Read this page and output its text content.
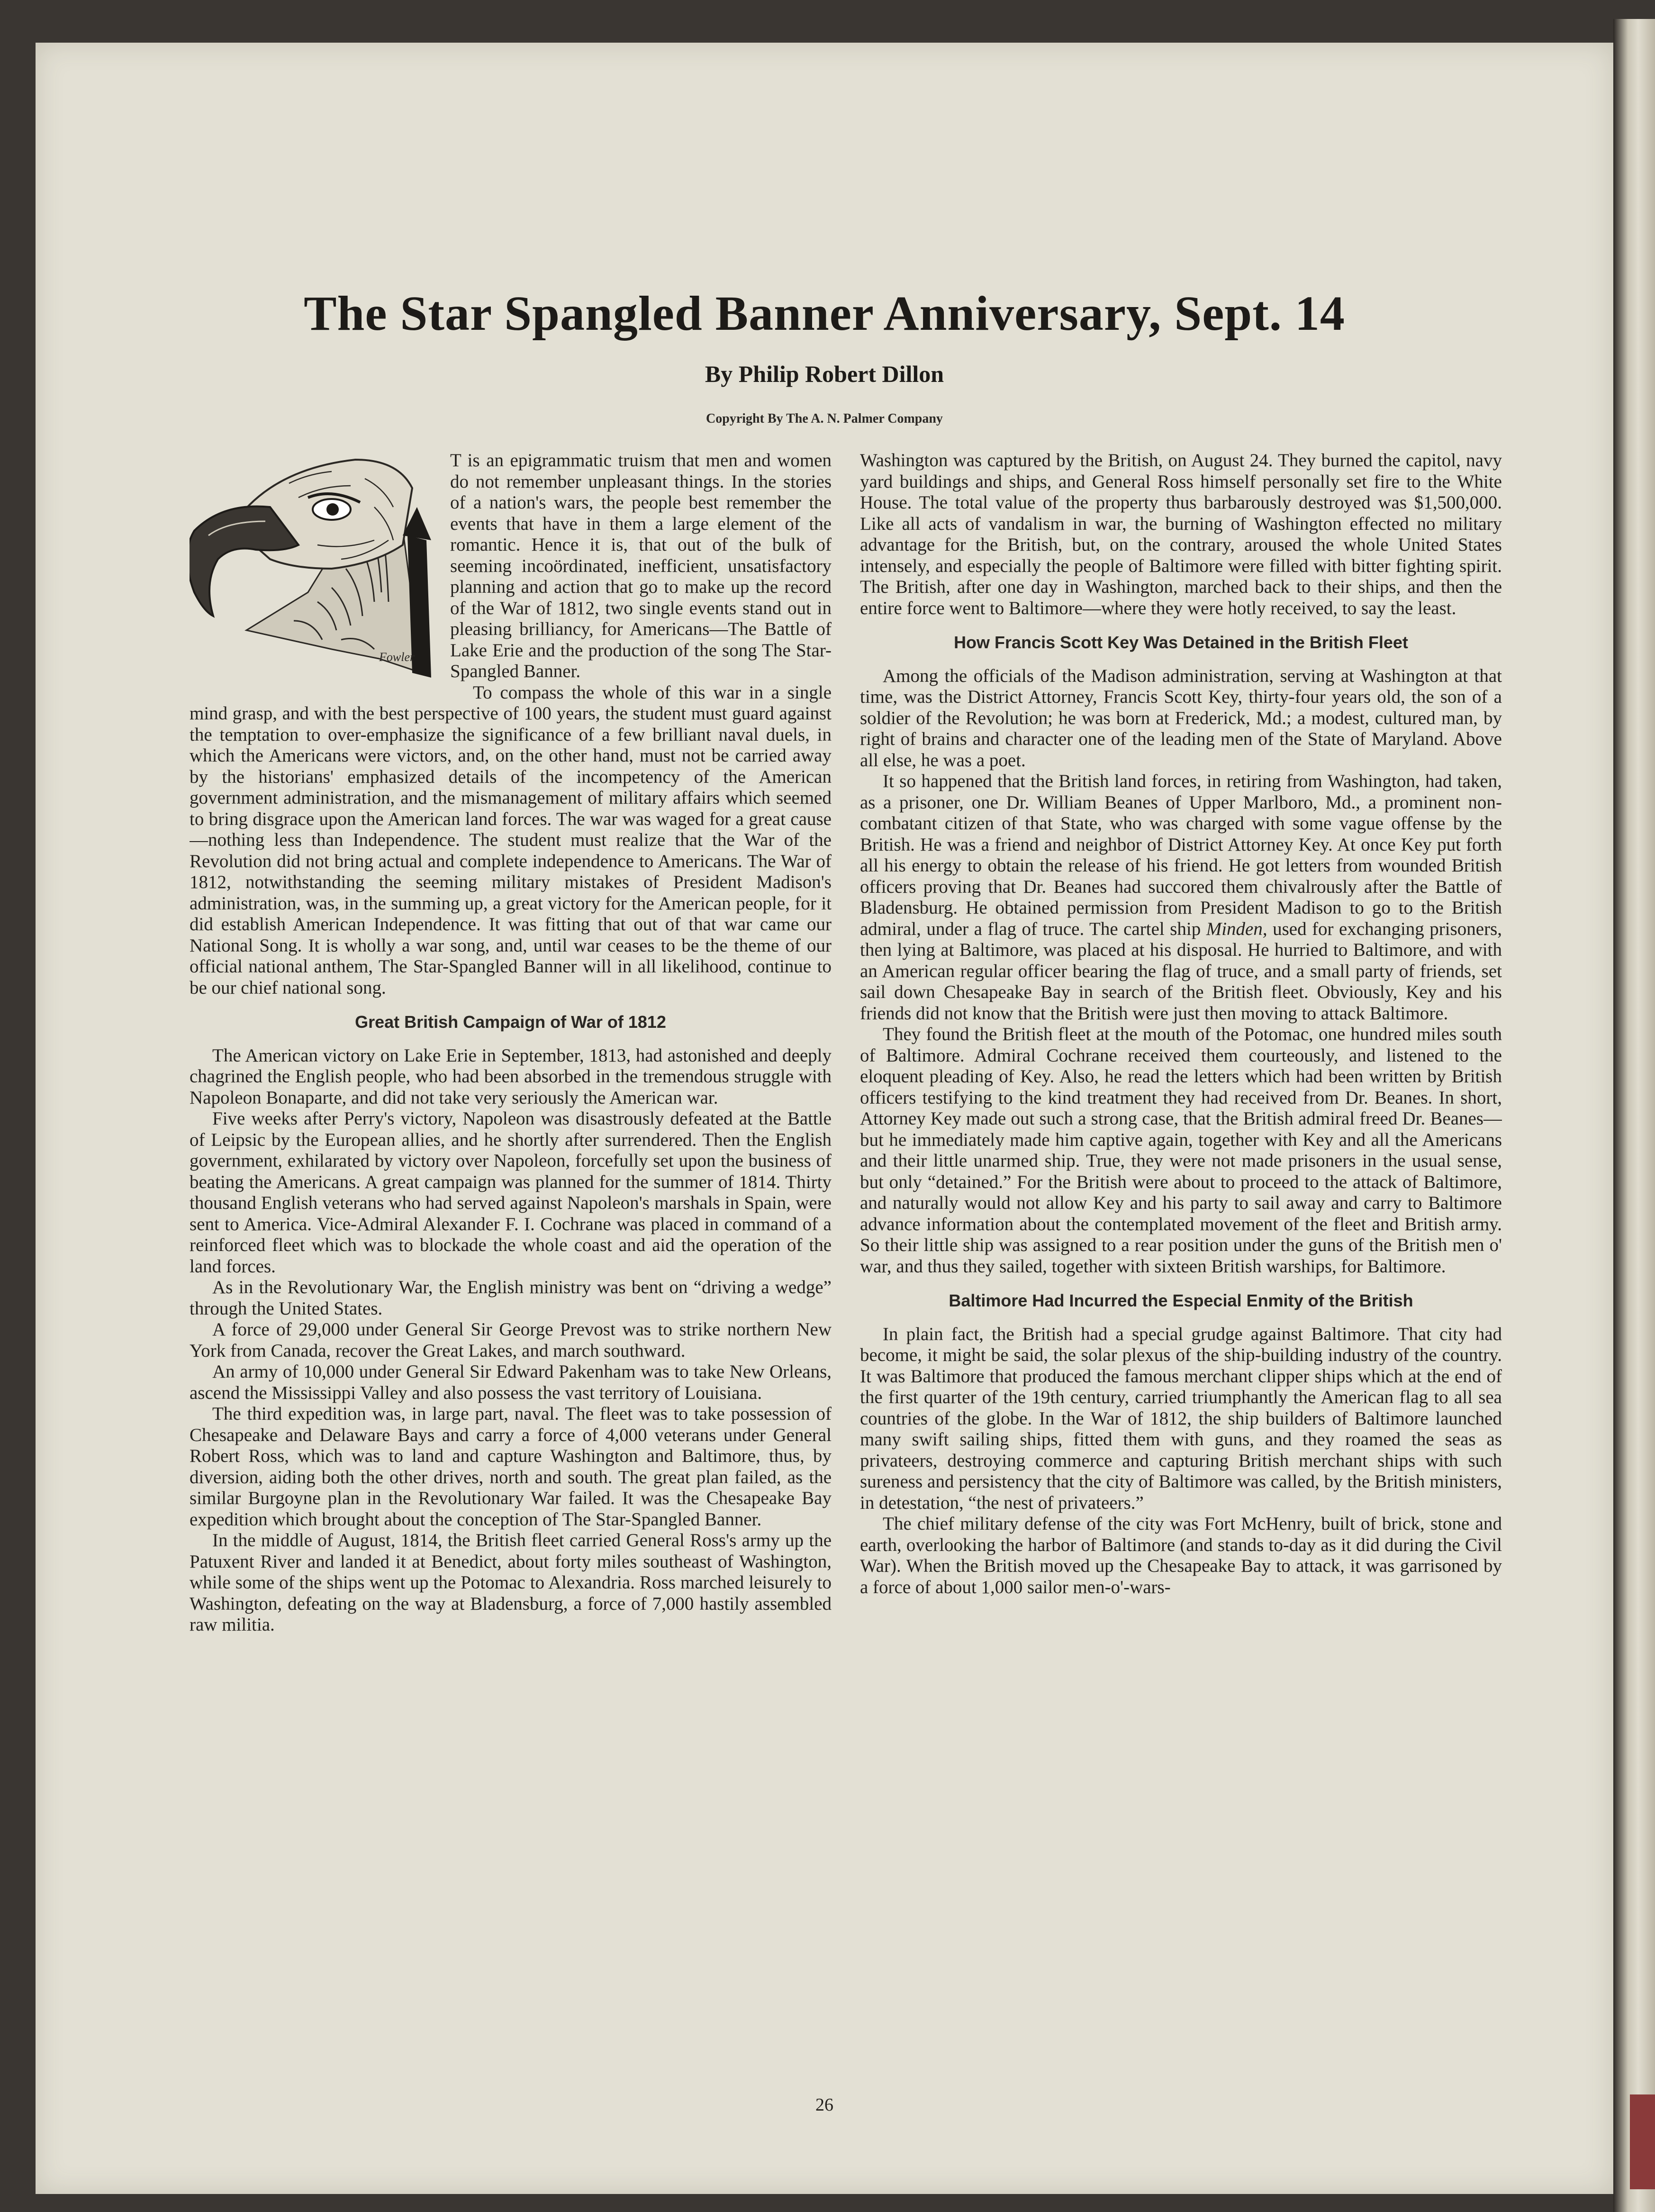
The Star Spangled Banner Anniversary, Sept. 14
By Philip Robert Dillon
Copyright By The A. N. Palmer Company
Fowler

T is an epigrammatic truism that men and women do not remember unpleasant things. In the stories of a nation's wars, the people best remember the events that have in them a large element of the romantic. Hence it is, that out of the bulk of seeming incoördinated, inefficient, unsatisfactory planning and action that go to make up the record of the War of 1812, two single events stand out in pleasing brilliancy, for Americans—The Battle of Lake Erie and the production of the song The Star-Spangled Banner.

To compass the whole of this war in a single mind grasp, and with the best perspective of 100 years, the student must guard against the temptation to over-emphasize the significance of a few brilliant naval duels, in which the Americans were victors, and, on the other hand, must not be carried away by the historians' emphasized details of the incompetency of the American government administration, and the mismanagement of military affairs which seemed to bring disgrace upon the American land forces. The war was waged for a great cause—nothing less than Independence. The student must realize that the War of the Revolution did not bring actual and complete independence to Americans. The War of 1812, notwithstanding the seeming military mistakes of President Madison's administration, was, in the summing up, a great victory for the American people, for it did establish American Independence. It was fitting that out of that war came our National Song. It is wholly a war song, and, until war ceases to be the theme of our official national anthem, The Star-Spangled Banner will in all likelihood, continue to be our chief national song.

Great British Campaign of War of 1812

The American victory on Lake Erie in September, 1813, had astonished and deeply chagrined the English people, who had been absorbed in the tremendous struggle with Napoleon Bonaparte, and did not take very seriously the American war.

Five weeks after Perry's victory, Napoleon was disastrously defeated at the Battle of Leipsic by the European allies, and he shortly after surrendered. Then the English government, exhilarated by victory over Napoleon, forcefully set upon the business of beating the Americans. A great campaign was planned for the summer of 1814. Thirty thousand English veterans who had served against Napoleon's marshals in Spain, were sent to America. Vice-Admiral Alexander F. I. Cochrane was placed in command of a reinforced fleet which was to blockade the whole coast and aid the operation of the land forces.

As in the Revolutionary War, the English ministry was bent on “driving a wedge” through the United States.

A force of 29,000 under General Sir George Prevost was to strike northern New York from Canada, recover the Great Lakes, and march southward.

An army of 10,000 under General Sir Edward Pakenham was to take New Orleans, ascend the Mississippi Valley and also possess the vast territory of Louisiana.

The third expedition was, in large part, naval. The fleet was to take possession of Chesapeake and Delaware Bays and carry a force of 4,000 veterans under General Robert Ross, which was to land and capture Washington and Baltimore, thus, by diversion, aiding both the other drives, north and south. The great plan failed, as the similar Burgoyne plan in the Revolutionary War failed. It was the Chesapeake Bay expedition which brought about the conception of The Star-Spangled Banner.

In the middle of August, 1814, the British fleet carried General Ross's army up the Patuxent River and landed it at Benedict, about forty miles southeast of Washington, while some of the ships went up the Potomac to Alexandria. Ross marched leisurely to Washington, defeating on the way at Bladensburg, a force of 7,000 hastily assembled raw militia.

Washington was captured by the British, on August 24. They burned the capitol, navy yard buildings and ships, and General Ross himself personally set fire to the White House. The total value of the property thus barbarously destroyed was $1,500,000. Like all acts of vandalism in war, the burning of Washington effected no military advantage for the British, but, on the contrary, aroused the whole United States intensely, and especially the people of Baltimore were filled with bitter fighting spirit. The British, after one day in Washington, marched back to their ships, and then the entire force went to Baltimore—where they were hotly received, to say the least.

How Francis Scott Key Was Detained in the British Fleet

Among the officials of the Madison administration, serving at Washington at that time, was the District Attorney, Francis Scott Key, thirty-four years old, the son of a soldier of the Revolution; he was born at Frederick, Md.; a modest, cultured man, by right of brains and character one of the leading men of the State of Maryland. Above all else, he was a poet.

It so happened that the British land forces, in retiring from Washington, had taken, as a prisoner, one Dr. William Beanes of Upper Marlboro, Md., a prominent non-combatant citizen of that State, who was charged with some vague offense by the British. He was a friend and neighbor of District Attorney Key. At once Key put forth all his energy to obtain the release of his friend. He got letters from wounded British officers proving that Dr. Beanes had succored them chivalrously after the Battle of Bladensburg. He obtained permission from President Madison to go to the British admiral, under a flag of truce. The cartel ship Minden, used for exchanging prisoners, then lying at Baltimore, was placed at his disposal. He hurried to Baltimore, and with an American regular officer bearing the flag of truce, and a small party of friends, set sail down Chesapeake Bay in search of the British fleet. Obviously, Key and his friends did not know that the British were just then moving to attack Baltimore.

They found the British fleet at the mouth of the Potomac, one hundred miles south of Baltimore. Admiral Cochrane received them courteously, and listened to the eloquent pleading of Key. Also, he read the letters which had been written by British officers testifying to the kind treatment they had received from Dr. Beanes. In short, Attorney Key made out such a strong case, that the British admiral freed Dr. Beanes—but he immediately made him captive again, together with Key and all the Americans and their little unarmed ship. True, they were not made prisoners in the usual sense, but only “detained.” For the British were about to proceed to the attack of Baltimore, and naturally would not allow Key and his party to sail away and carry to Baltimore advance information about the contemplated movement of the fleet and British army. So their little ship was assigned to a rear position under the guns of the British men o' war, and thus they sailed, together with sixteen British warships, for Baltimore.

Baltimore Had Incurred the Especial Enmity of the British

In plain fact, the British had a special grudge against Baltimore. That city had become, it might be said, the solar plexus of the ship-building industry of the country. It was Baltimore that produced the famous merchant clipper ships which at the end of the first quarter of the 19th century, carried triumphantly the American flag to all sea countries of the globe. In the War of 1812, the ship builders of Baltimore launched many swift sailing ships, fitted them with guns, and they roamed the seas as privateers, destroying commerce and capturing British merchant ships with such sureness and persistency that the city of Baltimore was called, by the British ministers, in detestation, “the nest of privateers.”

The chief military defense of the city was Fort McHenry, built of brick, stone and earth, overlooking the harbor of Baltimore (and stands to-day as it did during the Civil War). When the British moved up the Chesapeake Bay to attack, it was garrisoned by a force of about 1,000 sailor men-o'-wars-

26
